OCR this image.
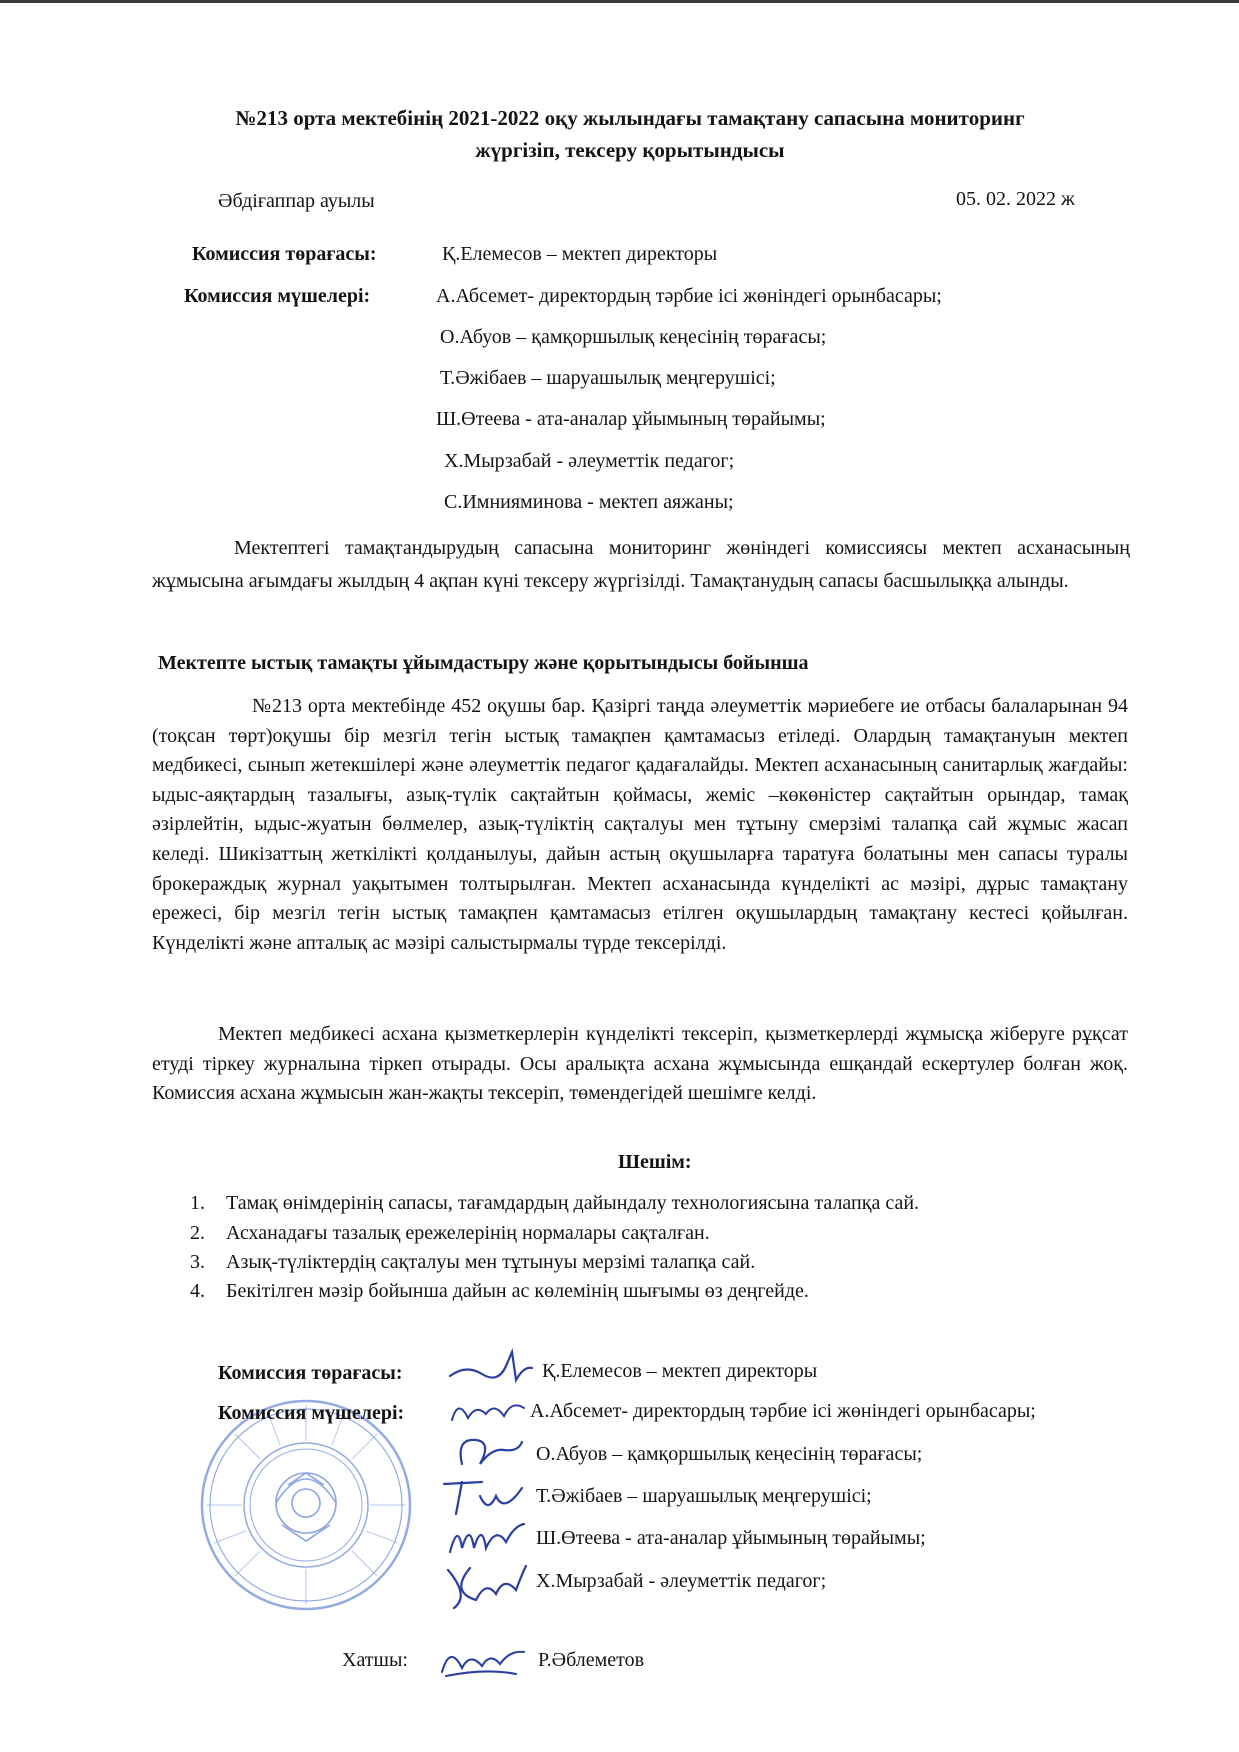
№213 орта мектебінің 2021-2022 оқу жылындағы тамақтану сапасына мониторинг
жүргізіп, тексеру қорытындысы
Әбдіғаппар ауылы	05. 02. 2022 ж
Комиссия төрағасы:	Қ.Елемесов – мектеп директоры
Комиссия мүшелері:	А.Абсемет- директордың тәрбие ісі жөніндегі орынбасары;
О.Абуов – қамқоршылық кеңесінің төрағасы;
Т.Әжібаев – шаруашылық меңгерушісі;
Ш.Өтеева - ата-аналар ұйымының төрайымы;
Х.Мырзабай - әлеуметтік педагог;
С.Имнияминова - мектеп аяжаны;
Мектептегі тамақтандырудың сапасына мониторинг жөніндегі комиссиясы мектеп асханасының жұмысына ағымдағы жылдың 4 ақпан күні тексеру жүргізілді. Тамақтанудың сапасы басшылыққа алынды.
Мектепте ыстық тамақты ұйымдастыру және қорытындысы бойынша
№213 орта мектебінде 452 оқушы бар. Қазіргі таңда әлеуметтік мәриебеге ие отбасы балаларынан 94 (тоқсан төрт)оқушы бір мезгіл тегін ыстық тамақпен қамтамасыз етіледі. Олардың тамақтануын мектеп медбикесі, сынып жетекшілері және әлеуметтік педагог қадағалайды. Мектеп асханасының санитарлық жағдайы: ыдыс-аяқтардың тазалығы, азық-түлік сақтайтын қоймасы, жеміс –көкөністер сақтайтын орындар, тамақ әзірлейтін, ыдыс-жуатын бөлмелер, азық-түліктің сақталуы мен тұтыну смерзімі талапқа сай жұмыс жасап келеді. Шикізаттың жеткілікті қолданылуы, дайын астың оқушыларға таратуға болатыны мен сапасы туралы брокераждық журнал уақытымен толтырылған. Мектеп асханасында күнделікті ас мәзірі, дұрыс тамақтану ережесі, бір мезгіл тегін ыстық тамақпен қамтамасыз етілген оқушылардың тамақтану кестесі қойылған. Күнделікті және апталық ас мәзірі салыстырмалы түрде тексерілді.
Мектеп медбикесі асхана қызметкерлерін күнделікті тексеріп, қызметкерлерді жұмысқа жіберуге рұқсат етуді тіркеу журналына тіркеп отырады. Осы аралықта асхана жұмысында ешқандай ескертулер болған жоқ. Комиссия асхана жұмысын жан-жақты тексеріп, төмендегідей шешімге келді.
Шешім:
1. Тамақ өнімдерінің сапасы, тағамдардың дайындалу технологиясына талапқа сай.
2. Асханадағы тазалық ережелерінің нормалары сақталған.
3. Азық-түліктердің сақталуы мен тұтынуы мерзімі талапқа сай.
4. Бекітілген мәзір бойынша дайын ас көлемінің шығымы өз деңгейде.
Комиссия төрағасы:	Қ.Елемесов – мектеп директоры
Комиссия мүшелері:	А.Абсемет- директордың тәрбие ісі жөніндегі орынбасары;
О.Абуов – қамқоршылық кеңесінің төрағасы;
Т.Әжібаев – шаруашылық меңгерушісі;
Ш.Өтеева - ата-аналар ұйымының төрайымы;
Х.Мырзабай - әлеуметтік педагог;
Хатшы:	Р.Әблеметов
